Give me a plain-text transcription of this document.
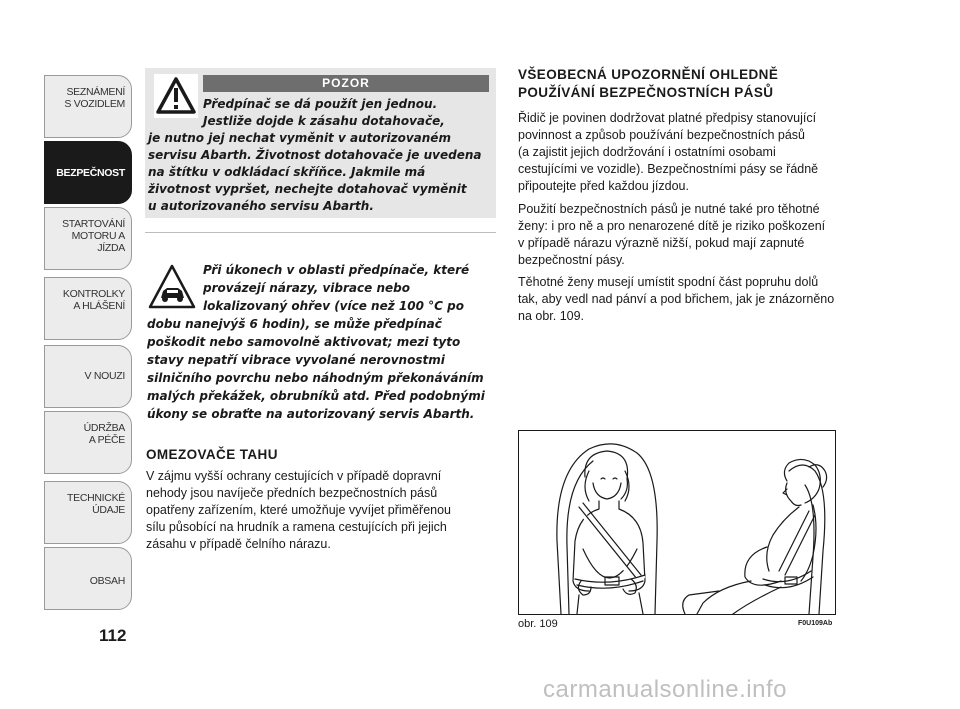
SEZNÁMENÍ
S VOZIDLEM
BEZPEČNOST
STARTOVÁNÍ
MOTORU A JÍZDA
KONTROLKY
A HLÁŠENÍ
V NOUZI
ÚDRŽBA
A PÉČE
TECHNICKÉ
ÚDAJE
OBSAH
112
POZOR
Předpínač se dá použít jen jednou.
Jestliže dojde k zásahu dotahovače,
je nutno jej nechat vyměnit v autorizovaném
servisu Abarth. Životnost dotahovače je uvedena
na štítku v odkládací skříňce. Jakmile má
životnost vypršet, nechejte dotahovač vyměnit
u autorizovaného servisu Abarth.
Při úkonech v oblasti předpínače, které
provázejí nárazy, vibrace nebo
lokalizovaný ohřev (více než 100 °C po
dobu nanejvýš 6 hodin), se může předpínač
poškodit nebo samovolně aktivovat; mezi tyto
stavy nepatří vibrace vyvolané nerovnostmi
silničního povrchu nebo náhodným překonáváním
malých překážek, obrubníků atd. Před podobnými
úkony se obraťte na autorizovaný servis Abarth.
OMEZOVAČE TAHU
V zájmu vyšší ochrany cestujících v případě dopravní
nehody jsou navíječe předních bezpečnostních pásů
opatřeny zařízením, které umožňuje vyvíjet přiměřenou
sílu působící na hrudník a ramena cestujících při jejich
zásahu v případě čelního nárazu.
VŠEOBECNÁ UPOZORNĚNÍ OHLEDNĚ
POUŽÍVÁNÍ BEZPEČNOSTNÍCH PÁSŮ
Řidič je povinen dodržovat platné předpisy stanovující
povinnost a způsob používání bezpečnostních pásů
(a zajistit jejich dodržování i ostatními osobami
cestujícími ve vozidle). Bezpečnostními pásy se řádně
připoutejte před každou jízdou.
Použití bezpečnostních pásů je nutné také pro těhotné
ženy: i pro ně a pro nenarozené dítě je riziko poškození
v případě nárazu výrazně nižší, pokud mají zapnuté
bezpečnostní pásy.
Těhotné ženy musejí umístit spodní část popruhu dolů
tak, aby vedl nad pánví a pod břichem, jak je znázorněno
na obr. 109.
obr. 109	F0U109Ab
carmanualsonline.info
